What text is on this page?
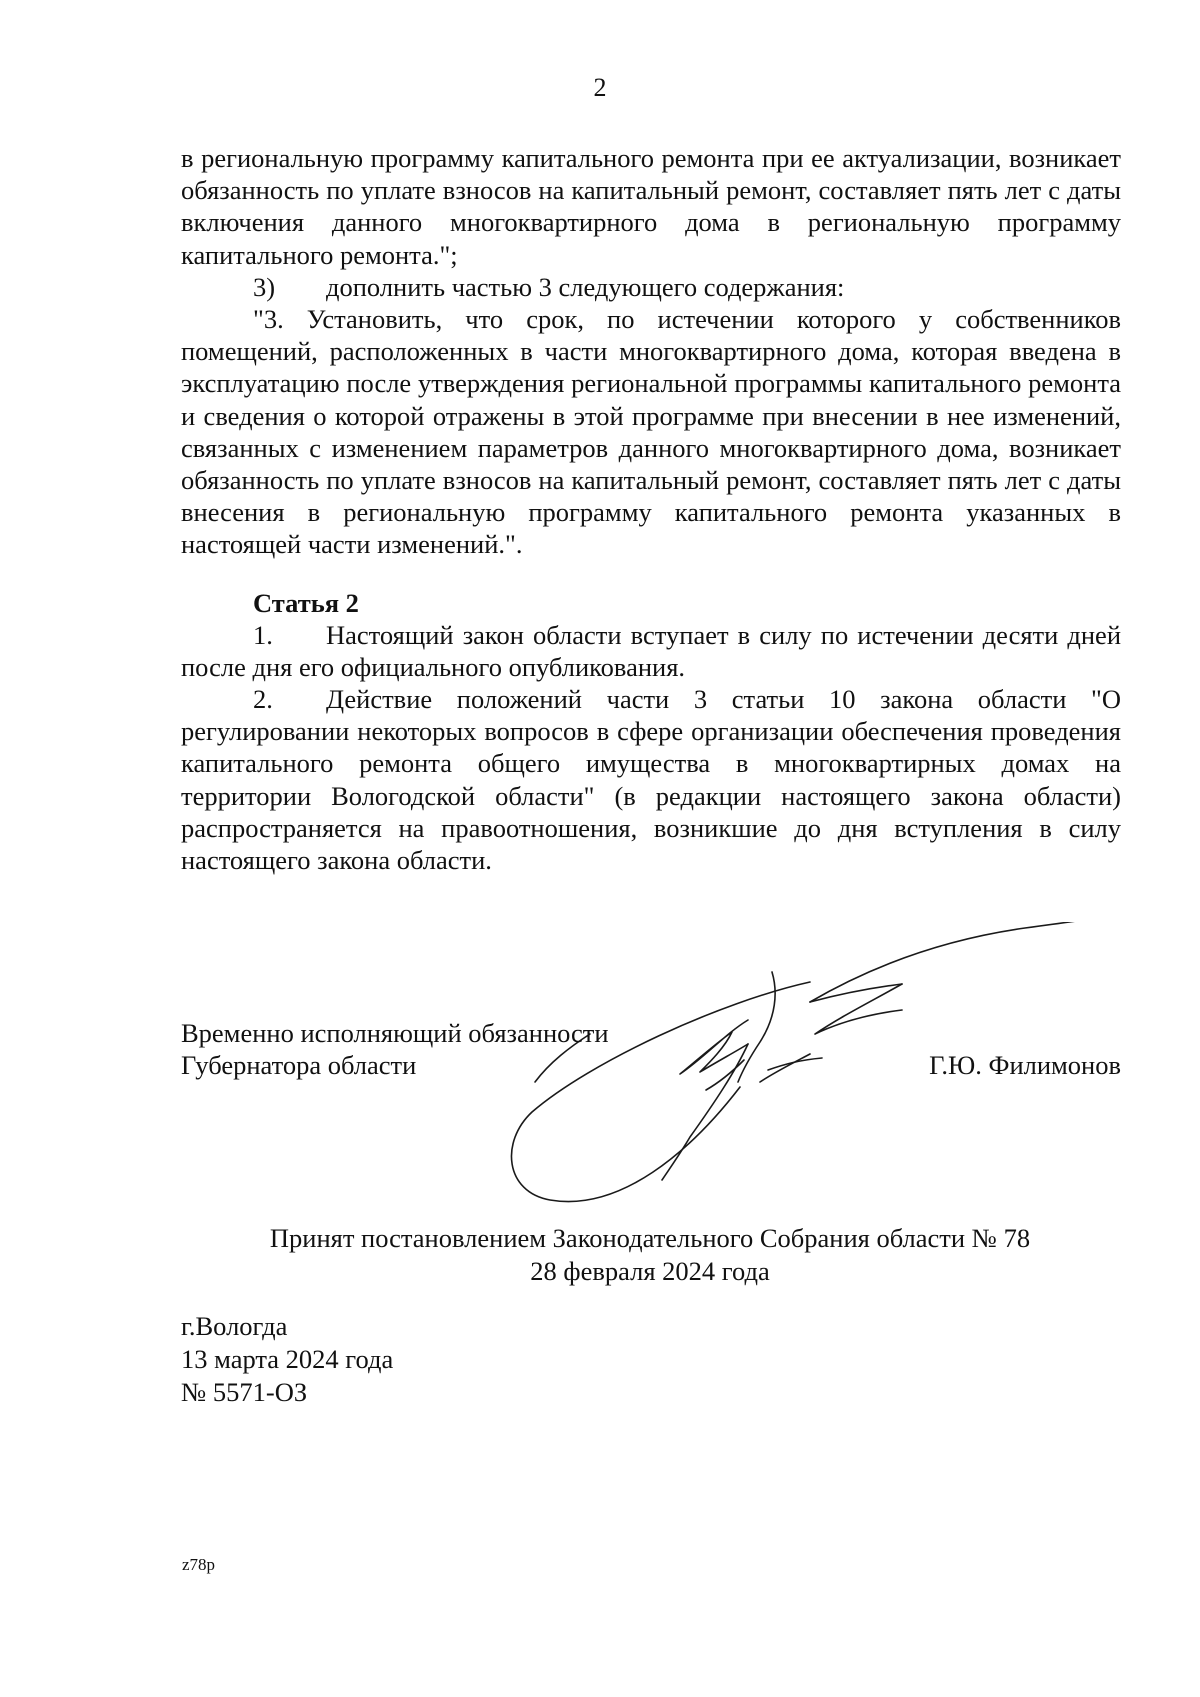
2

в региональную программу капитального ремонта при ее актуализации, возникает обязанность по уплате взносов на капитальный ремонт, составляет пять лет с даты включения данного многоквартирного дома в региональную программу капитального ремонта.";

3) дополнить частью 3 следующего содержания:

"3. Установить, что срок, по истечении которого у собственников помещений, расположенных в части многоквартирного дома, которая введена в эксплуатацию после утверждения региональной программы капитального ремонта и сведения о которой отражены в этой программе при внесении в нее изменений, связанных с изменением параметров данного многоквартирного дома, возникает обязанность по уплате взносов на капитальный ремонт, составляет пять лет с даты внесения в региональную программу капитального ремонта указанных в настоящей части изменений.".

Статья 2

1. Настоящий закон области вступает в силу по истечении десяти дней после дня его официального опубликования.

2. Действие положений части 3 статьи 10 закона области "О регулировании некоторых вопросов в сфере организации обеспечения проведения капитального ремонта общего имущества в многоквартирных домах на территории Вологодской области" (в редакции настоящего закона области) распространяется на правоотношения, возникшие до дня вступления в силу настоящего закона области.

Временно исполняющий обязанности
Губернатора области	Г.Ю. Филимонов
Принят постановлением Законодательного Собрания области № 78
28 февраля 2024 года
г.Вологда
13 марта 2024 года
№ 5571-ОЗ
z78p
